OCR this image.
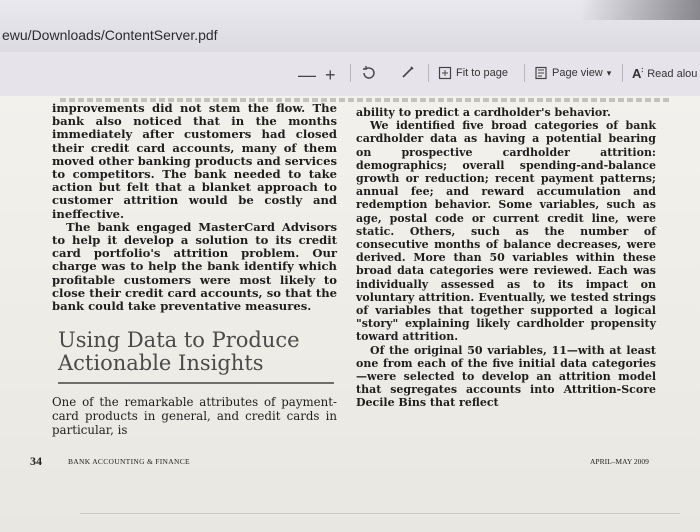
ewu/Downloads/ContentServer.pdf
— +	Fit to page	Page view ▾ A∶ Read alou

improvements did not stem the flow. The bank also noticed that in the months immediately after customers had closed their credit card accounts, many of them moved other banking products and services to competitors. The bank needed to take action but felt that a blanket approach to customer attrition would be costly and ineffective.

The bank engaged MasterCard Advisors to help it develop a solution to its credit card portfolio's attrition problem. Our charge was to help the bank identify which profitable customers were most likely to close their credit card accounts, so that the bank could take preventative measures.

Using Data to Produce
Actionable Insights
One of the remarkable attributes of payment-card products in general, and credit cards in particular, is

ability to predict a cardholder's behavior.

We identified five broad categories of bank cardholder data as having a potential bearing on prospective cardholder attrition: demographics; overall spending-and-balance growth or reduction; recent payment patterns; annual fee; and reward accumulation and redemption behavior. Some variables, such as age, postal code or current credit line, were static. Others, such as the number of consecutive months of balance decreases, were derived. More than 50 variables within these broad data categories were reviewed. Each was individually assessed as to its impact on voluntary attrition. Eventually, we tested strings of variables that together supported a logical "story" explaining likely cardholder propensity toward attrition.

Of the original 50 variables, 11—with at least one from each of the five initial data categories—were selected to develop an attrition model that segregates accounts into Attrition-Score Decile Bins that reflect

34	BANK ACCOUNTING & FINANCE	APRIL–MAY 2009
